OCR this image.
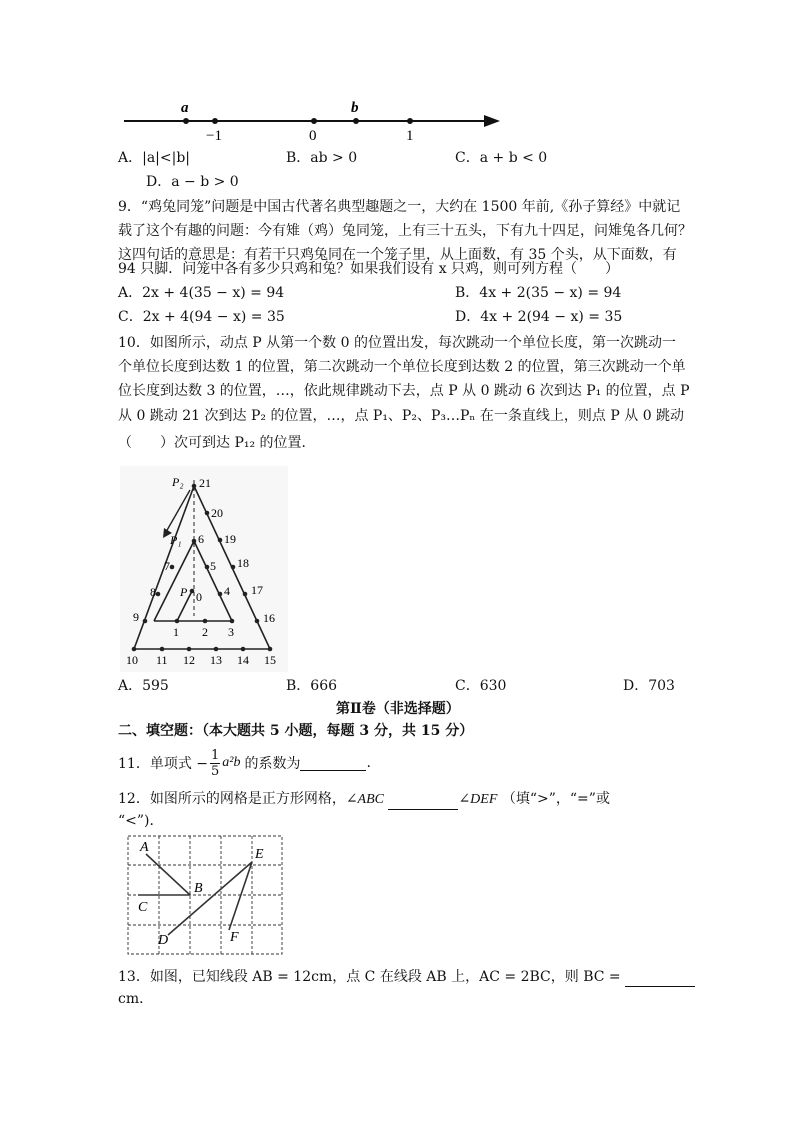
a	b
−1	0	1
A．|a|<|b|	B．ab > 0	C．a + b < 0
D．a − b > 0
9．“鸡兔同笼”问题是中国古代著名典型趣题之一，大约在 1500 年前,《孙子算经》中就记
载了这个有趣的问题：今有雉（鸡）兔同笼，上有三十五头，下有九十四足，问雉兔各几何？
这四句话的意思是：有若干只鸡兔同在一个笼子里，从上面数，有 35 个头，从下面数，有
94 只脚．问笼中各有多少只鸡和兔？如果我们设有 x 只鸡，则可列方程（　　）
A．2x + 4(35 − x) = 94	B．4x + 2(35 − x) = 94
C．2x + 4(94 − x) = 35	D．4x + 2(94 − x) = 35
10．如图所示，动点 P 从第一个数 0 的位置出发，每次跳动一个单位长度，第一次跳动一
个单位长度到达数 1 的位置，第二次跳动一个单位长度到达数 2 的位置，第三次跳动一个单
位长度到达数 3 的位置，…，依此规律跳动下去，点 P 从 0 跳动 6 次到达 P₁ 的位置，点 P
从 0 跳动 21 次到达 P₂ 的位置，…，点 P₁、P₂、P₃…Pₙ 在一条直线上，则点 P 从 0 跳动
（　　）次可到达 P₁₂ 的位置．
P₂ 21
20
19
18
17
16
15
14
13
12
11
10
9
8
7
P₁ 6
5
4
3
2
1
P 0
A．595	B．666	C．630	D．703
第Ⅱ卷（非选择题）
二、填空题：（本大题共 5 小题，每题 3 分，共 15 分）
11．单项式 − $\frac{1}{5} a^2b$ 的系数为	.
12．如图所示的网格是正方形网格，∠ABC	∠DEF （填“>”，“=”或
“<”)．
A
B
C
D
E
F
13．如图，已知线段 AB = 12cm，点 C 在线段 AB 上，AC = 2BC，则 BC =
cm．
